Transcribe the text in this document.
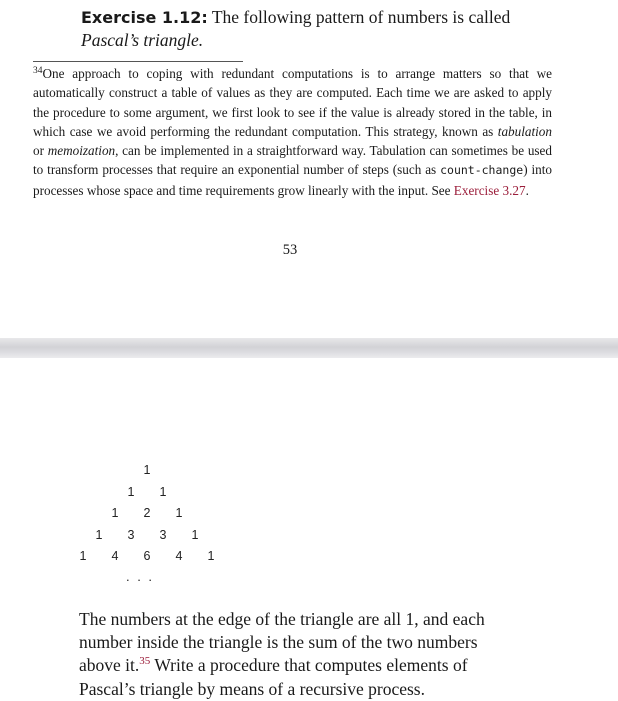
Exercise 1.12: The following pattern of numbers is called Pascal’s triangle.
$^{34}$One approach to coping with redundant computations is to arrange matters so that we automatically construct a table of values as they are computed. Each time we are asked to apply the procedure to some argument, we first look to see if the value is already stored in the table, in which case we avoid performing the redundant computation. This strategy, known as tabulation or memoization, can be implemented in a straightforward way. Tabulation can sometimes be used to transform processes that require an exponential number of steps (such as count-change) into processes whose space and time requirements grow linearly with the input. See Exercise 3.27.
53
1
1 1
1 2 1
1 3 3 1
1 4 6 4 1
. . .
The numbers at the edge of the triangle are all 1, and each number inside the triangle is the sum of the two numbers above it.$^{35}$ Write a procedure that computes elements of Pascal’s triangle by means of a recursive process.
